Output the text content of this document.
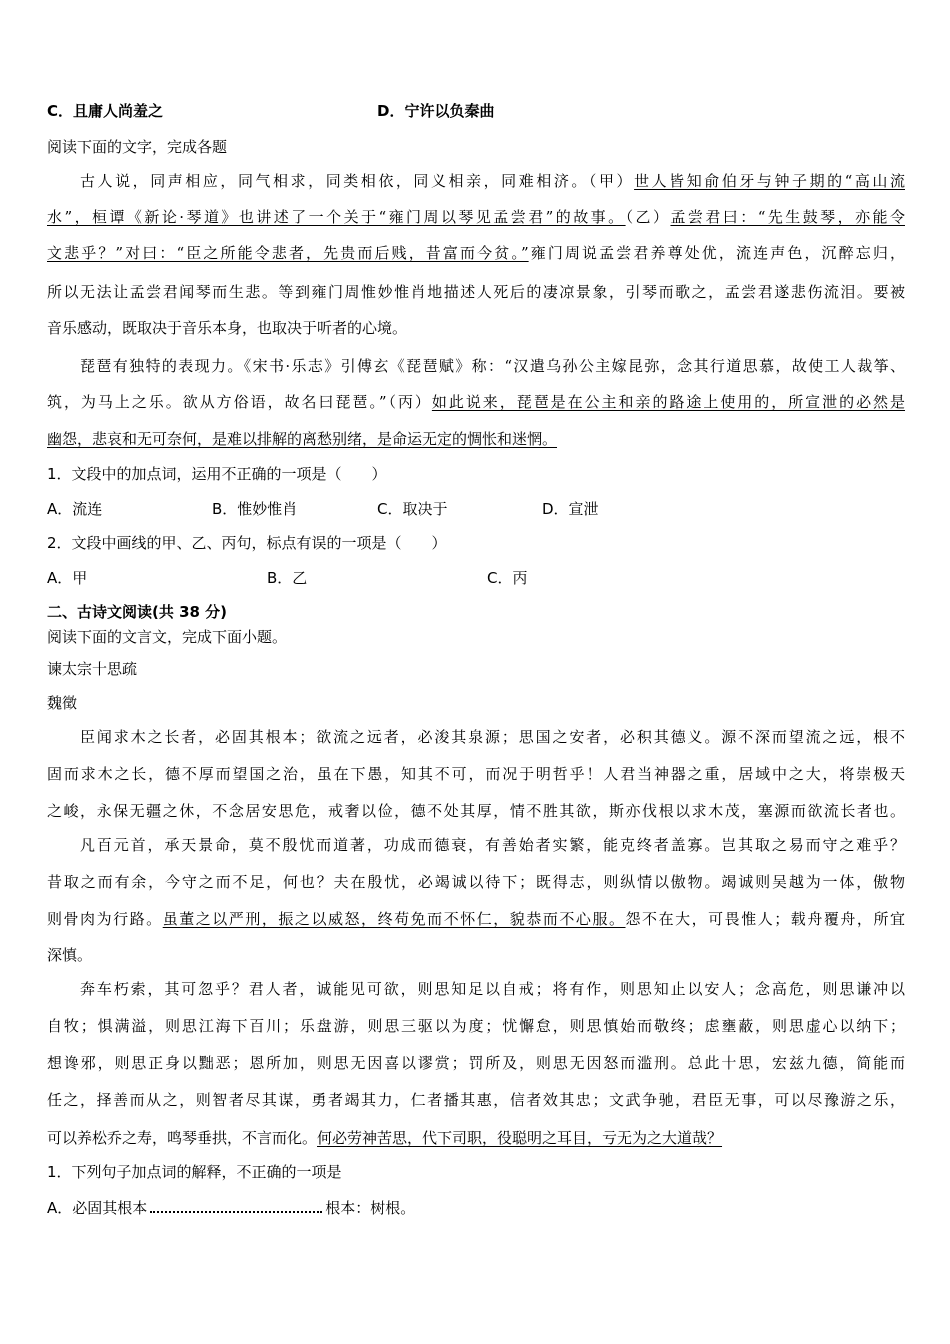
C．且庸人尚羞之	D．宁许以负秦曲
阅读下面的文字，完成各题
古人说，同声相应，同气相求，同类相依，同义相亲，同难相济。（甲）世人皆知俞伯牙与钟子期的“高山流
水”，桓谭《新论·琴道》也讲述了一个关于“雍门周以琴见孟尝君”的故事。（乙）孟尝君曰：“先生鼓琴，亦能令
文悲乎？”对曰：“臣之所能令悲者，先贵而后贱，昔富而今贫。”雍门周说孟尝君养尊处优，流连声色，沉醉忘归，
所以无法让孟尝君闻琴而生悲。等到雍门周惟妙惟肖地描述人死后的凄凉景象，引琴而歌之，孟尝君遂悲伤流泪。要被
音乐感动，既取决于音乐本身，也取决于听者的心境。
琵琶有独特的表现力。《宋书·乐志》引傅玄《琵琶赋》称：“汉遣乌孙公主嫁昆弥，念其行道思慕，故使工人裁筝、
筑，为马上之乐。欲从方俗语，故名曰琵琶。”（丙）如此说来，琵琶是在公主和亲的路途上使用的，所宣泄的必然是
幽怨，悲哀和无可奈何，是难以排解的离愁别绪，是命运无定的惆怅和迷惘。
1．文段中的加点词，运用不正确的一项是（　　）
A．流连	B．惟妙惟肖	C．取决于	D．宣泄
2．文段中画线的甲、乙、丙句，标点有误的一项是（　　）
A．甲	B．乙	C．丙
二、古诗文阅读(共 38 分)
阅读下面的文言文，完成下面小题。
谏太宗十思疏
魏徵
臣闻求木之长者，必固其根本；欲流之远者，必浚其泉源；思国之安者，必积其德义。源不深而望流之远，根不
固而求木之长，德不厚而望国之治，虽在下愚，知其不可，而况于明哲乎！人君当神器之重，居域中之大，将崇极天
之峻，永保无疆之休，不念居安思危，戒奢以俭，德不处其厚，情不胜其欲，斯亦伐根以求木茂，塞源而欲流长者也。
凡百元首，承天景命，莫不殷忧而道著，功成而德衰，有善始者实繁，能克终者盖寡。岂其取之易而守之难乎？
昔取之而有余，今守之而不足，何也？夫在殷忧，必竭诚以待下；既得志，则纵情以傲物。竭诚则吴越为一体，傲物
则骨肉为行路。虽董之以严刑，振之以威怒，终苟免而不怀仁，貌恭而不心服。怨不在大，可畏惟人；载舟覆舟，所宜
深慎。
奔车朽索，其可忽乎？君人者，诚能见可欲，则思知足以自戒；将有作，则思知止以安人；念高危，则思谦冲以
自牧；惧满溢，则思江海下百川；乐盘游，则思三驱以为度；忧懈怠，则思慎始而敬终；虑壅蔽，则思虚心以纳下；
想谗邪，则思正身以黜恶；恩所加，则思无因喜以谬赏；罚所及，则思无因怒而滥刑。总此十思，宏兹九德，简能而
任之，择善而从之，则智者尽其谋，勇者竭其力，仁者播其惠，信者效其忠；文武争驰，君臣无事，可以尽豫游之乐，
可以养松乔之寿，鸣琴垂拱，不言而化。何必劳神苦思，代下司职，役聪明之耳目，亏无为之大道哉？
1．下列句子加点词的解释，不正确的一项是
A．必固其根本	根本：树根。
